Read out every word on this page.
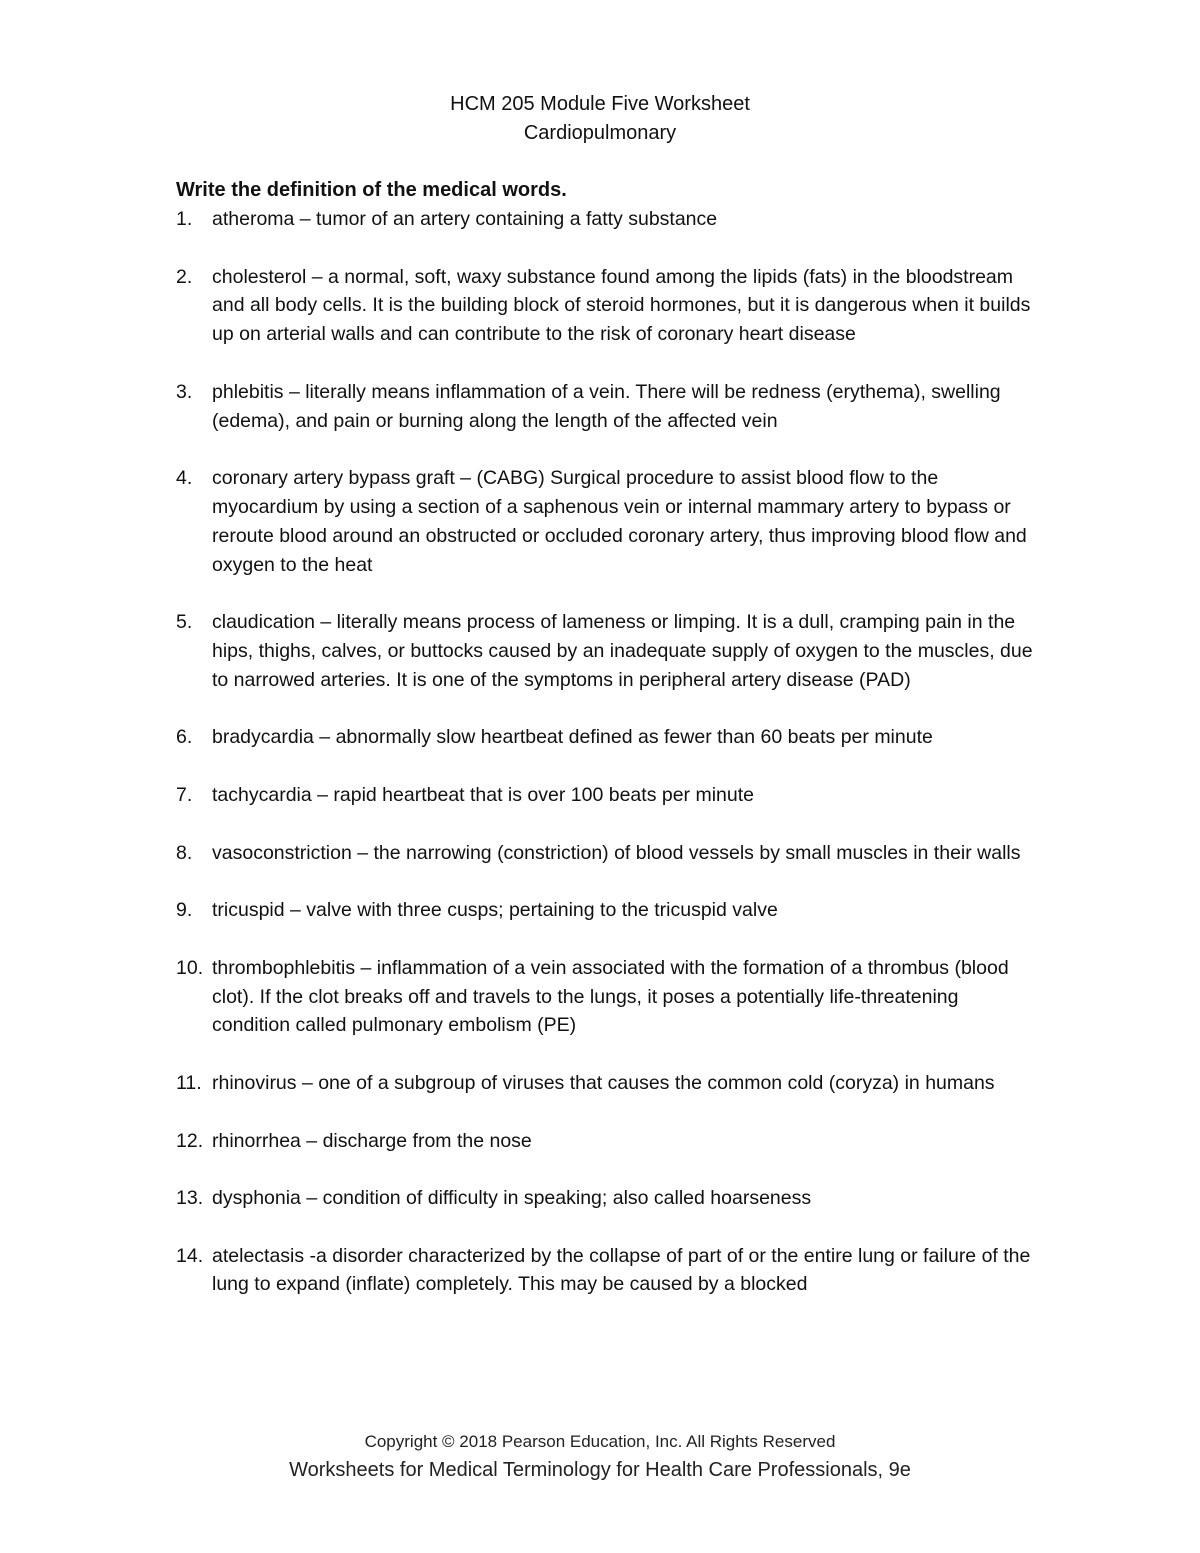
HCM 205 Module Five Worksheet
Cardiopulmonary
Write the definition of the medical words.
1. atheroma – tumor of an artery containing a fatty substance
2. cholesterol – a normal, soft, waxy substance found among the lipids (fats) in the bloodstream and all body cells. It is the building block of steroid hormones, but it is dangerous when it builds up on arterial walls and can contribute to the risk of coronary heart disease
3. phlebitis – literally means inflammation of a vein. There will be redness (erythema), swelling (edema), and pain or burning along the length of the affected vein
4. coronary artery bypass graft – (CABG) Surgical procedure to assist blood flow to the myocardium by using a section of a saphenous vein or internal mammary artery to bypass or reroute blood around an obstructed or occluded coronary artery, thus improving blood flow and oxygen to the heat
5. claudication – literally means process of lameness or limping. It is a dull, cramping pain in the hips, thighs, calves, or buttocks caused by an inadequate supply of oxygen to the muscles, due to narrowed arteries. It is one of the symptoms in peripheral artery disease (PAD)
6. bradycardia – abnormally slow heartbeat defined as fewer than 60 beats per minute
7. tachycardia – rapid heartbeat that is over 100 beats per minute
8. vasoconstriction – the narrowing (constriction) of blood vessels by small muscles in their walls
9. tricuspid – valve with three cusps; pertaining to the tricuspid valve
10. thrombophlebitis – inflammation of a vein associated with the formation of a thrombus (blood clot). If the clot breaks off and travels to the lungs, it poses a potentially life-threatening condition called pulmonary embolism (PE)
11. rhinovirus – one of a subgroup of viruses that causes the common cold (coryza) in humans
12. rhinorrhea – discharge from the nose
13. dysphonia – condition of difficulty in speaking; also called hoarseness
14. atelectasis -a disorder characterized by the collapse of part of or the entire lung or failure of the lung to expand (inflate) completely. This may be caused by a blocked
Copyright © 2018 Pearson Education, Inc. All Rights Reserved
Worksheets for Medical Terminology for Health Care Professionals, 9e
